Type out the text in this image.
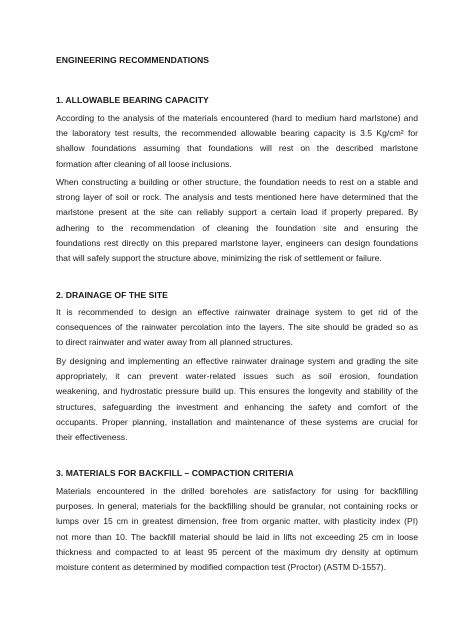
ENGINEERING RECOMMENDATIONS
1. ALLOWABLE BEARING CAPACITY
According to the analysis of the materials encountered (hard to medium hard marlstone) and
the laboratory test results, the recommended allowable bearing capacity is 3.5 Kg/cm² for
shallow foundations assuming that foundations will rest on the described marlstone
formation after cleaning of all loose inclusions.
When constructing a building or other structure, the foundation needs to rest on a stable and
strong layer of soil or rock. The analysis and tests mentioned here have determined that the
marlstone present at the site can reliably support a certain load if properly prepared. By
adhering to the recommendation of cleaning the foundation site and ensuring the
foundations rest directly on this prepared marlstone layer, engineers can design foundations
that will safely support the structure above, minimizing the risk of settlement or failure.
2. DRAINAGE OF THE SITE
It is recommended to design an effective rainwater drainage system to get rid of the
consequences of the rainwater percolation into the layers. The site should be graded so as
to direct rainwater and water away from all planned structures.
By designing and implementing an effective rainwater drainage system and grading the site
appropriately, it can prevent water-related issues such as soil erosion, foundation
weakening, and hydrostatic pressure build up. This ensures the longevity and stability of the
structures, safeguarding the investment and enhancing the safety and comfort of the
occupants. Proper planning, installation and maintenance of these systems are crucial for
their effectiveness.
3. MATERIALS FOR BACKFILL – COMPACTION CRITERIA
Materials encountered in the drilled boreholes are satisfactory for using for backfilling
purposes. In general, materials for the backfilling should be granular, not containing rocks or
lumps over 15 cm in greatest dimension, free from organic matter, with plasticity index (PI)
not more than 10. The backfill material should be laid in lifts not exceeding 25 cm in loose
thickness and compacted to at least 95 percent of the maximum dry density at optimum
moisture content as determined by modified compaction test (Proctor) (ASTM D-1557).
